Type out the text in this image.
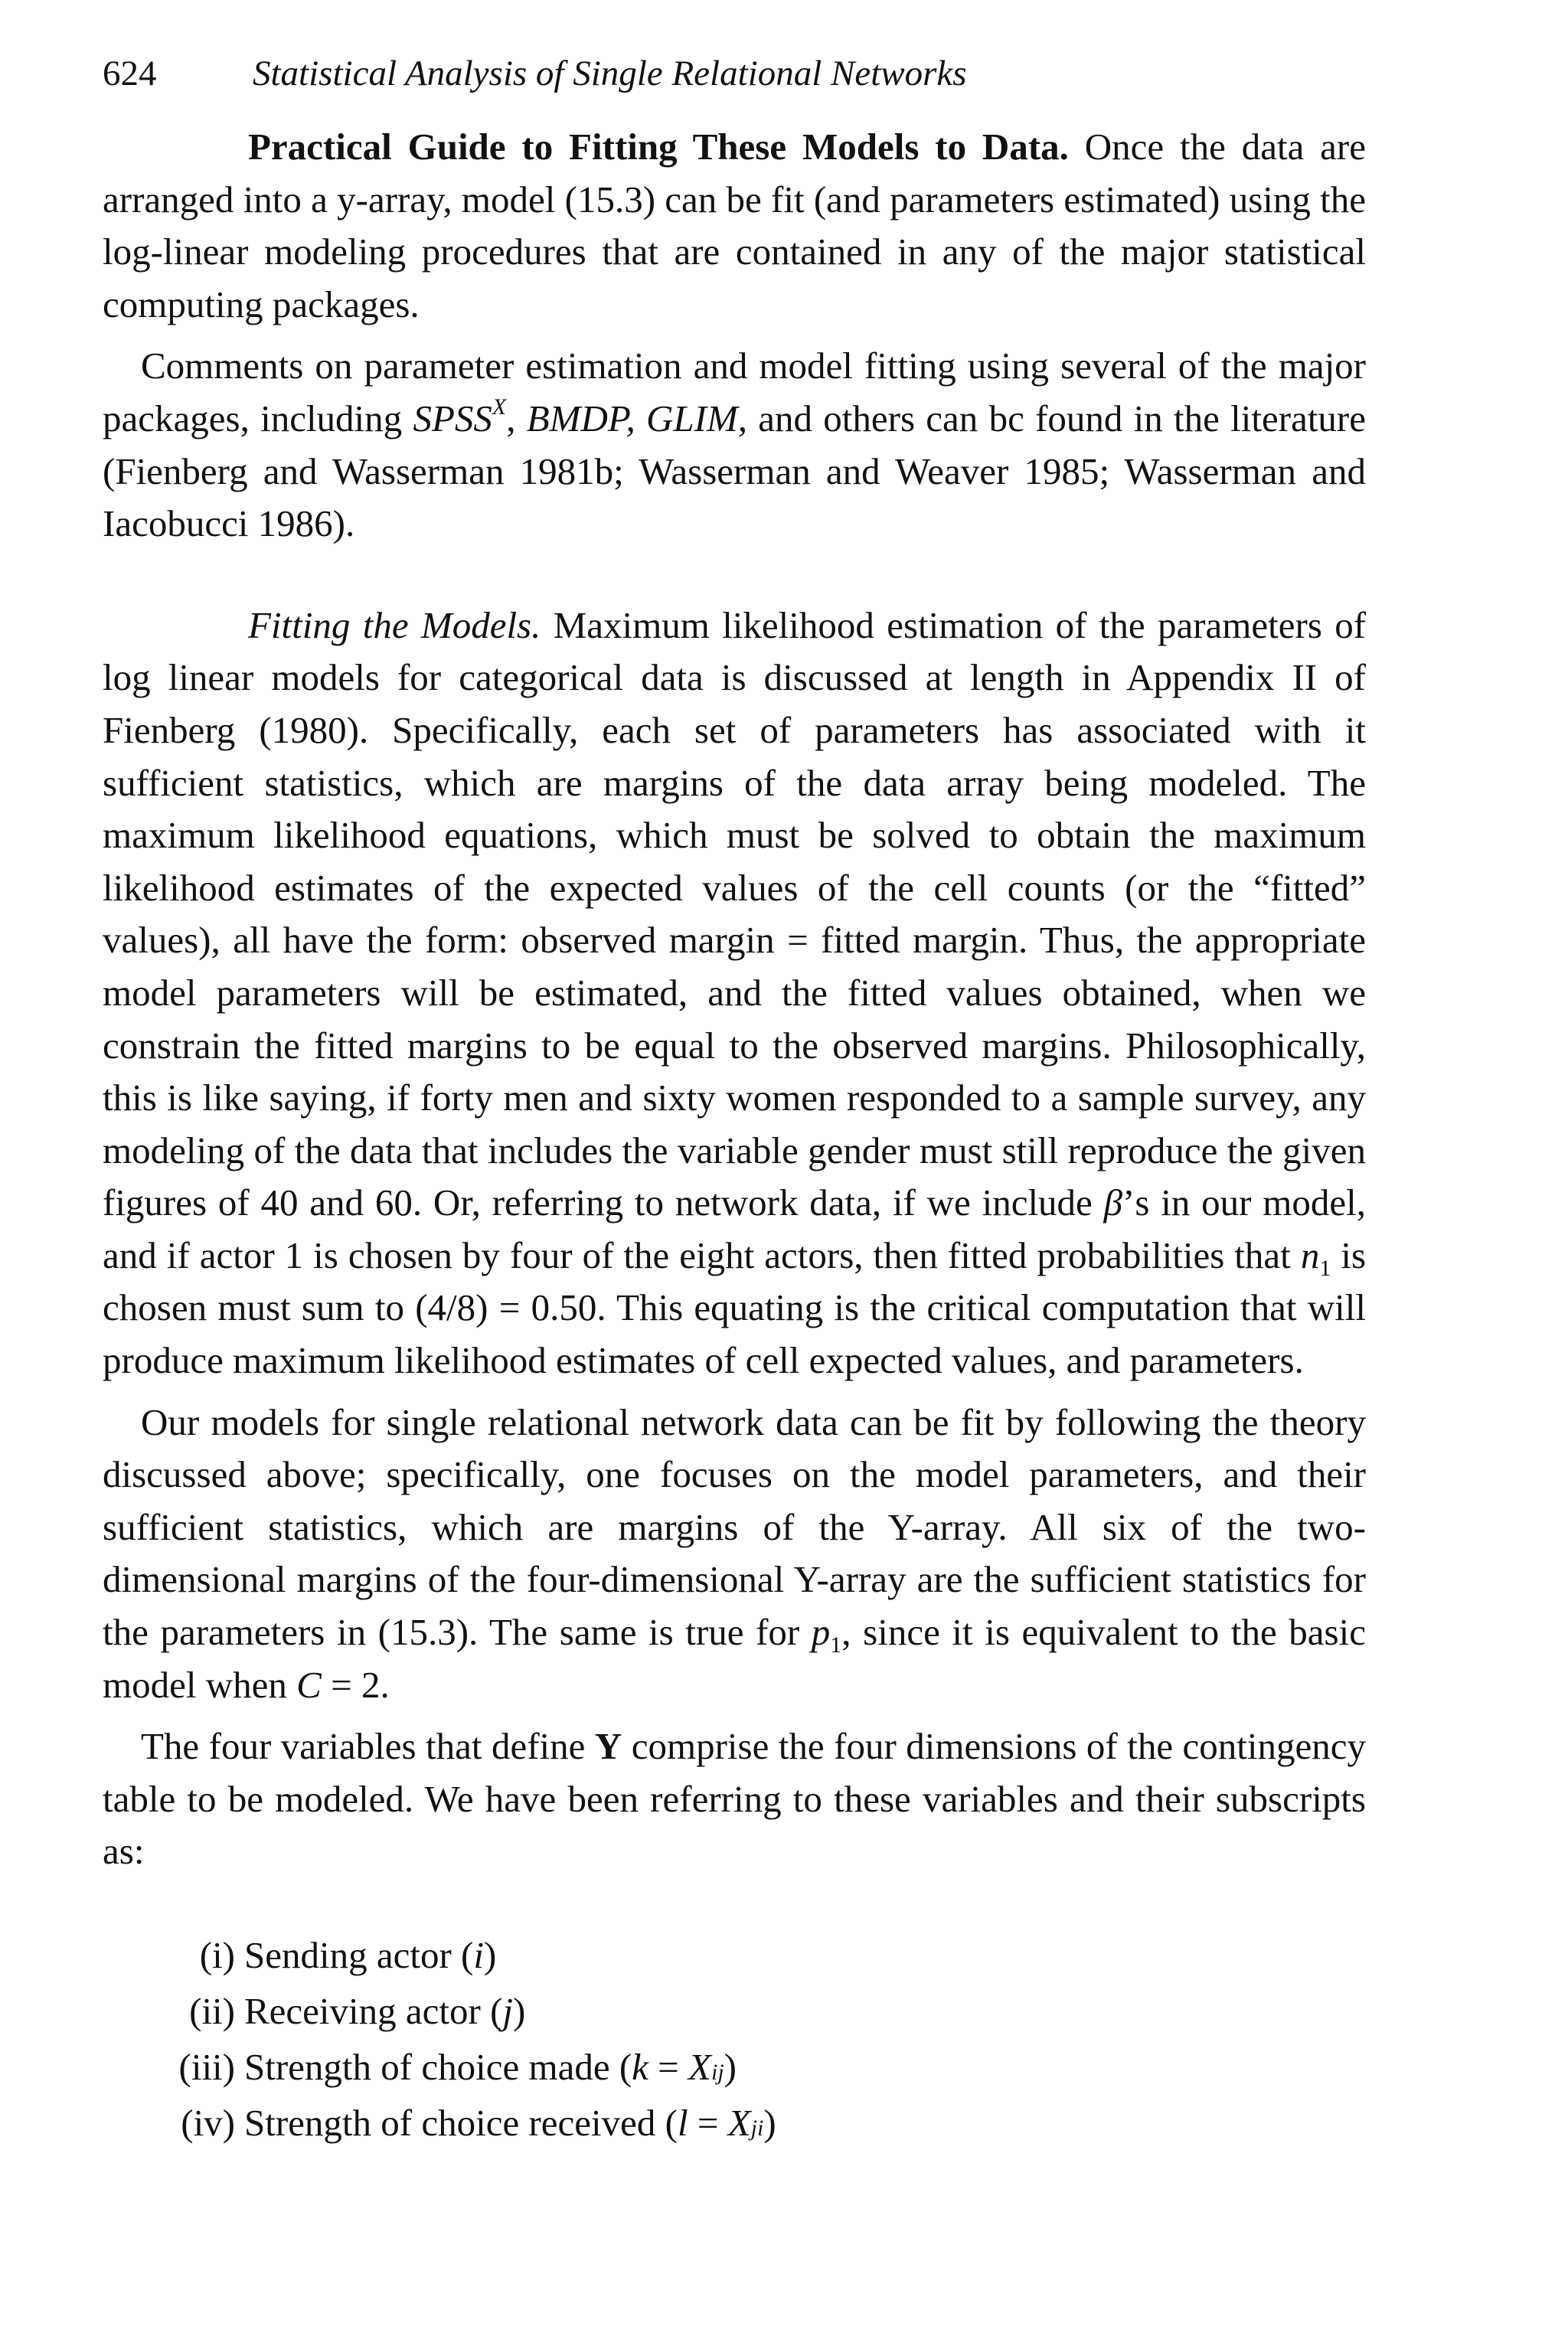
624	Statistical Analysis of Single Relational Networks

Practical Guide to Fitting These Models to Data. Once the data are arranged into a y-array, model (15.3) can be fit (and parameters estimated) using the log-linear modeling procedures that are contained in any of the major statistical computing packages.

Comments on parameter estimation and model fitting using several of the major packages, including $SPSS^X$, BMDP, GLIM, and others can bc found in the literature (Fienberg and Wasserman 1981b; Wasserman and Weaver 1985; Wasserman and Iacobucci 1986).

Fitting the Models. Maximum likelihood estimation of the parameters of log linear models for categorical data is discussed at length in Appendix II of Fienberg (1980). Specifically, each set of parameters has associated with it sufficient statistics, which are margins of the data array being modeled. The maximum likelihood equations, which must be solved to obtain the maximum likelihood estimates of the expected values of the cell counts (or the “fitted” values), all have the form: observed margin = fitted margin. Thus, the appropriate model parameters will be estimated, and the fitted values obtained, when we constrain the fitted margins to be equal to the observed margins. Philosophically, this is like saying, if forty men and sixty women responded to a sample survey, any modeling of the data that includes the variable gender must still reproduce the given figures of 40 and 60. Or, referring to network data, if we include β’s in our model, and if actor 1 is chosen by four of the eight actors, then fitted probabilities that $n_1$ is chosen must sum to (4/8) = 0.50. This equating is the critical computation that will produce maximum likelihood estimates of cell expected values, and parameters.

Our models for single relational network data can be fit by following the theory discussed above; specifically, one focuses on the model parameters, and their sufficient statistics, which are margins of the Y-array. All six of the two-dimensional margins of the four-dimensional Y-array are the sufficient statistics for the parameters in (15.3). The same is true for $p_1$, since it is equivalent to the basic model when C = 2.

The four variables that define Y comprise the four dimensions of the contingency table to be modeled. We have been referring to these variables and their subscripts as:

(i) Sending actor ( i )
(ii) Receiving actor ( j )
(iii) Strength of choice made ( k = X ij )
(iv) Strength of choice received ( l = X ji )
